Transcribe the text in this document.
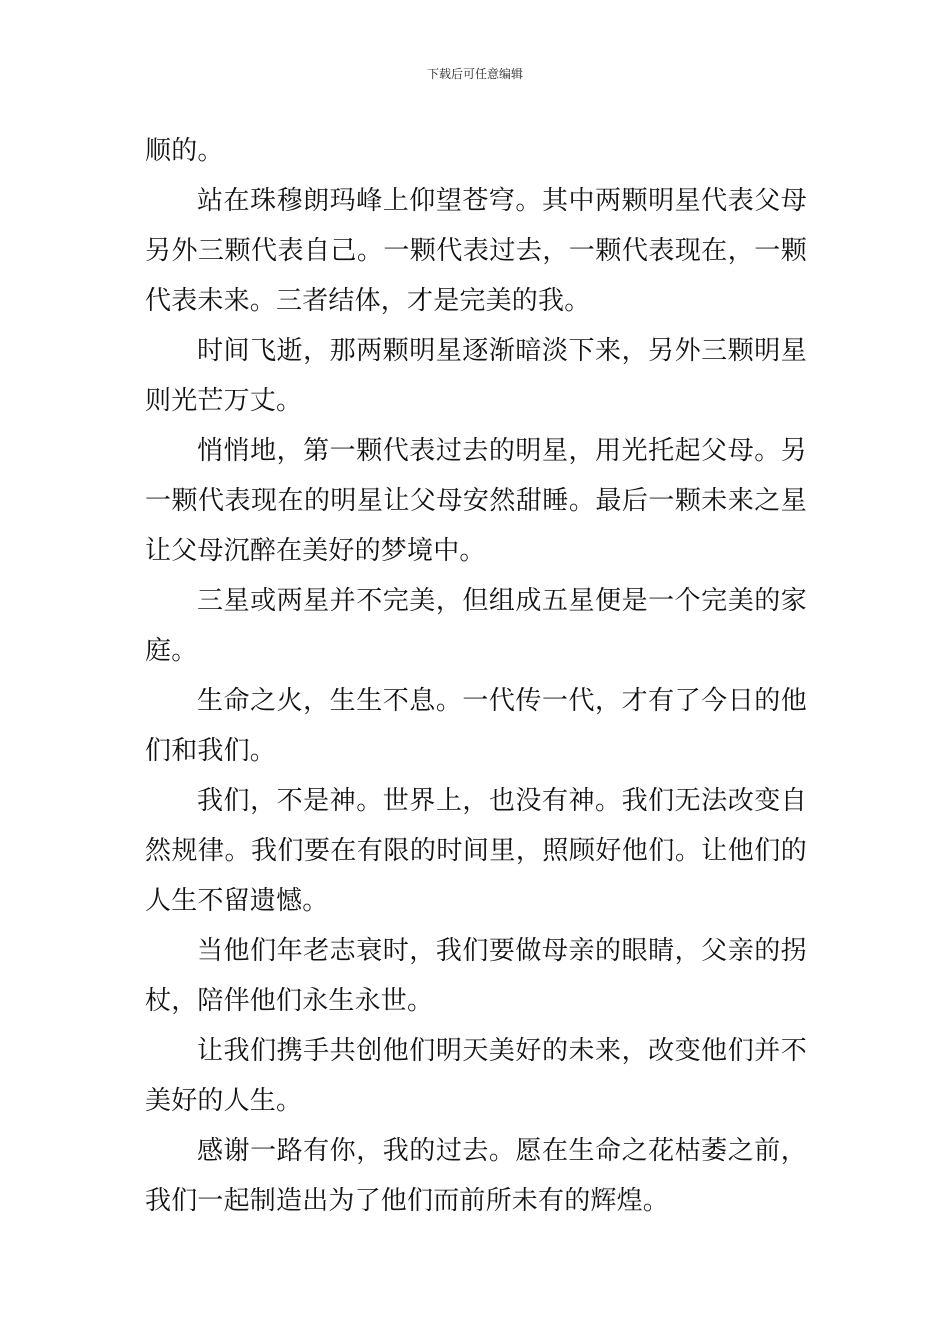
下载后可任意编辑

顺的。

站在珠穆朗玛峰上仰望苍穹。其中两颗明星代表父母另外三颗代表自己。一颗代表过去，一颗代表现在，一颗代表未来。三者结体，才是完美的我。

时间飞逝，那两颗明星逐渐暗淡下来，另外三颗明星则光芒万丈。

悄悄地，第一颗代表过去的明星，用光托起父母。另一颗代表现在的明星让父母安然甜睡。最后一颗未来之星让父母沉醉在美好的梦境中。

三星或两星并不完美，但组成五星便是一个完美的家庭。

生命之火，生生不息。一代传一代，才有了今日的他们和我们。

我们，不是神。世界上，也没有神。我们无法改变自然规律。我们要在有限的时间里，照顾好他们。让他们的人生不留遗憾。

当他们年老志衰时，我们要做母亲的眼睛，父亲的拐杖，陪伴他们永生永世。

让我们携手共创他们明天美好的未来，改变他们并不美好的人生。

感谢一路有你，我的过去。愿在生命之花枯萎之前，我们一起制造出为了他们而前所未有的辉煌。
